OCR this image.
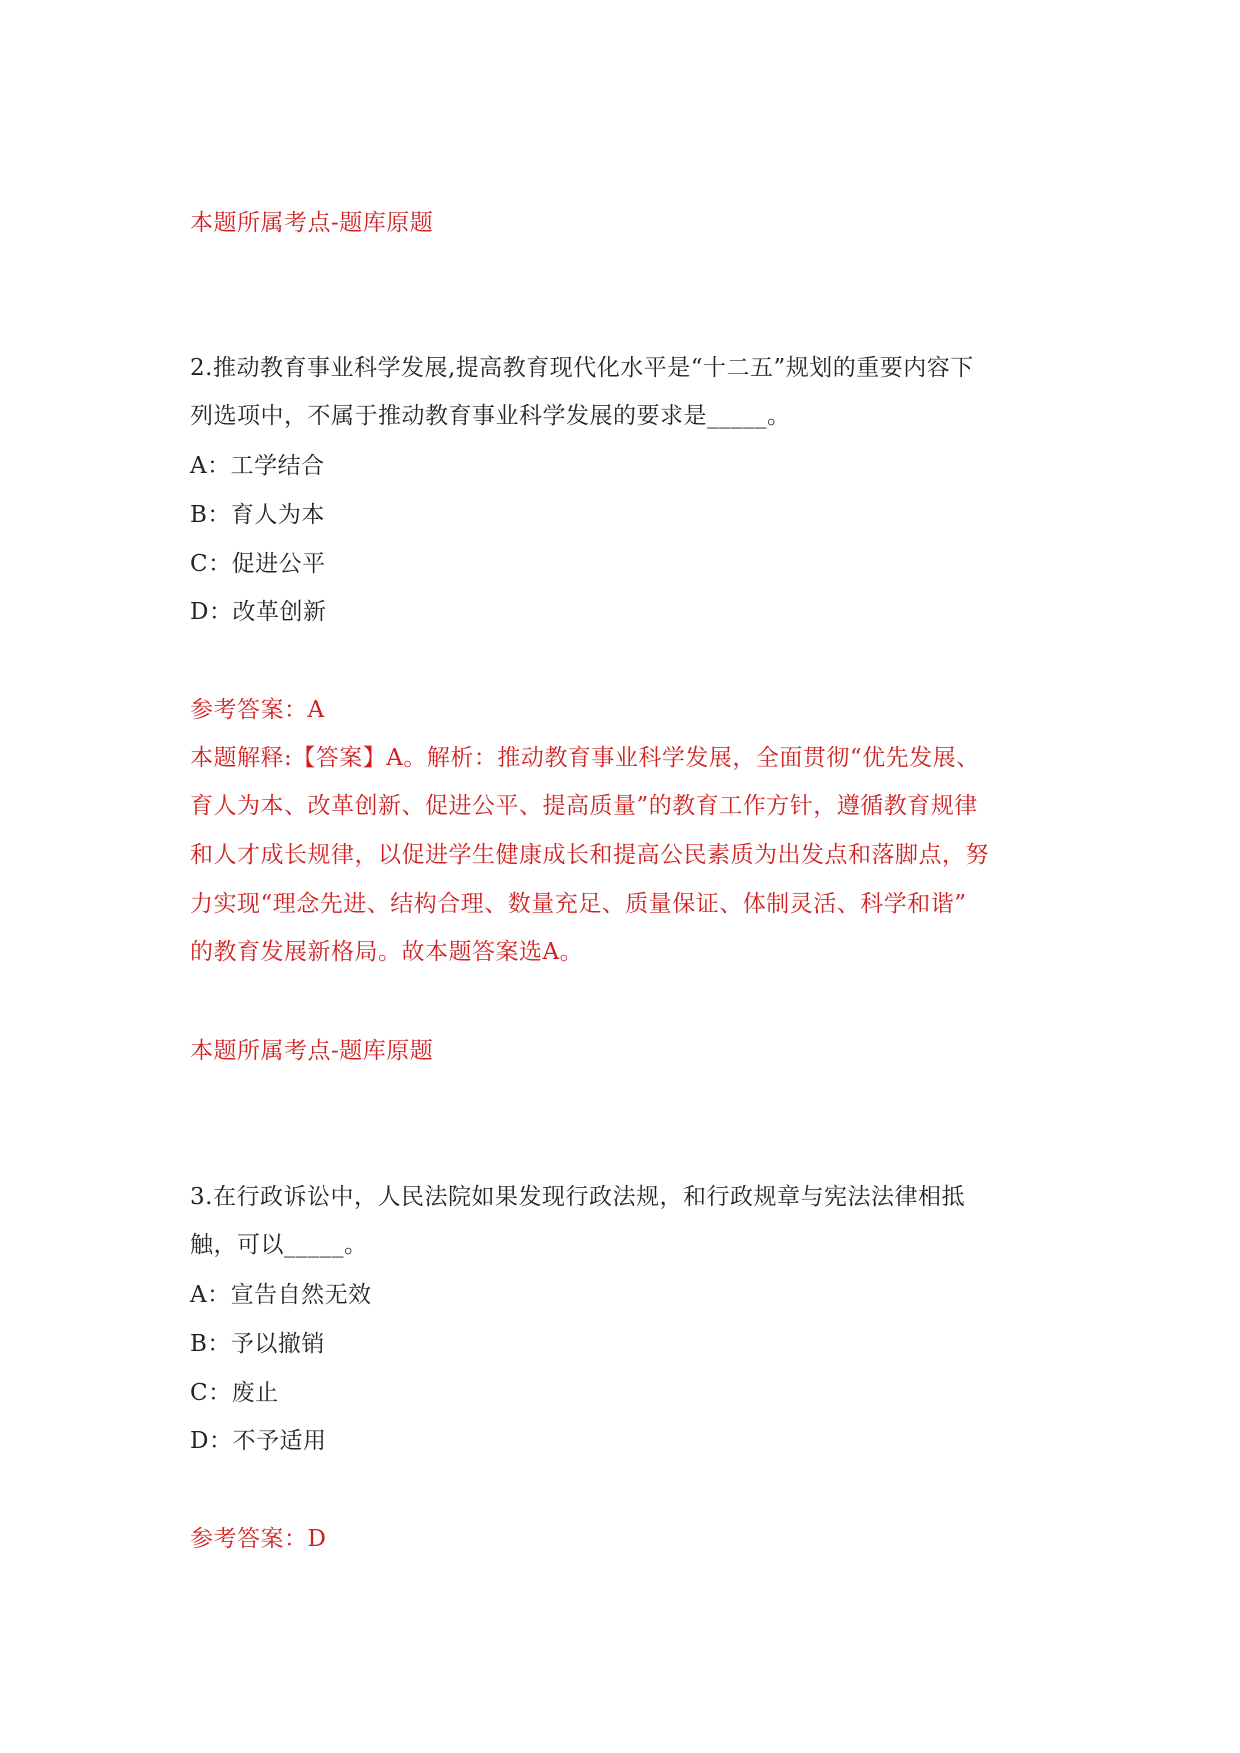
本题所属考点-题库原题
2.推动教育事业科学发展,提高教育现代化水平是“十二五”规划的重要内容下
列选项中，不属于推动教育事业科学发展的要求是_____。
A：工学结合
B：育人为本
C：促进公平
D：改革创新
参考答案：A
本题解释:【答案】A。解析：推动教育事业科学发展，全面贯彻“优先发展、
育人为本、改革创新、促进公平、提高质量”的教育工作方针，遵循教育规律
和人才成长规律，以促进学生健康成长和提高公民素质为出发点和落脚点，努
力实现“理念先进、结构合理、数量充足、质量保证、体制灵活、科学和谐”
的教育发展新格局。故本题答案选A。
本题所属考点-题库原题
3.在行政诉讼中，人民法院如果发现行政法规，和行政规章与宪法法律相抵
触，可以_____。
A：宣告自然无效
B：予以撤销
C：废止
D：不予适用
参考答案：D
